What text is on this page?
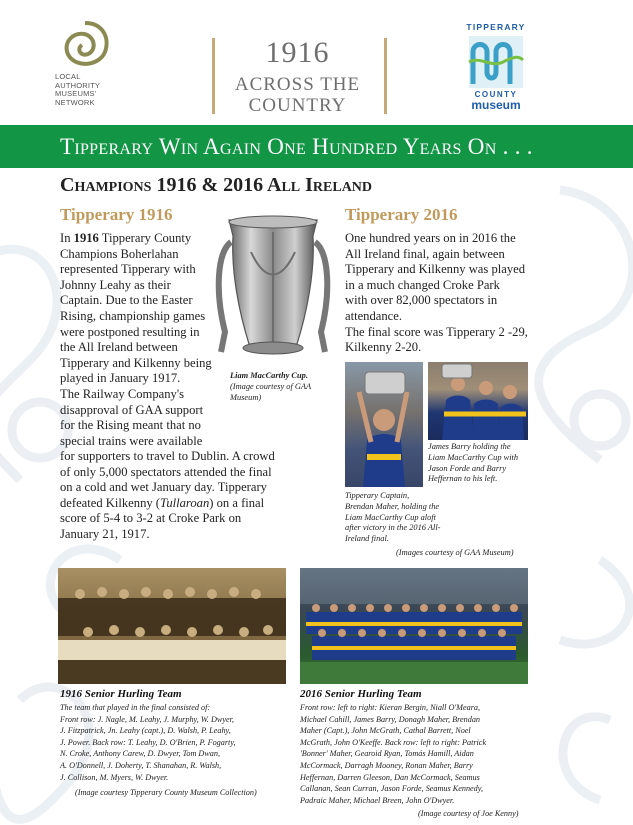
LOCAL
AUTHORITY
MUSEUMS'
NETWORK
1916
ACROSS THE
COUNTRY
TIPPERARY
COUNTY
museum
Tipperary Win Again One Hundred Years On . . .
Champions 1916 & 2016 All Ireland
Tipperary 1916
In 1916 Tipperary County
Champions Boherlahan
represented Tipperary with
Johnny Leahy as their
Captain. Due to the Easter
Rising, championship games
were postponed resulting in
the All Ireland between
Tipperary and Kilkenny being
played in January 1917.
The Railway Company's
disapproval of GAA support
for the Rising meant that no
special trains were available
for supporters to travel to Dublin. A crowd
of only 5,000 spectators attended the final
on a cold and wet January day. Tipperary
defeated Kilkenny (Tullaroan) on a final
score of 5-4 to 3-2 at Croke Park on
January 21, 1917.
Liam MacCarthy Cup.
(Image courtesy of GAA
Museum)
Tipperary 2016
One hundred years on in 2016 the
All Ireland final, again between
Tipperary and Kilkenny was played
in a much changed Croke Park
with over 82,000 spectators in
attendance.
The final score was Tipperary 2 -29,
Kilkenny 2-20.
James Barry holding the
Liam MacCarthy Cup with
Jason Forde and Barry
Heffernan to his left.
Tipperary Captain,
Brendan Maher, holding the
Liam MacCarthy Cup aloft
after victory in the 2016 All-
Ireland final.
(Images courtesy of GAA Museum)
1916 Senior Hurling Team
The team that played in the final consisted of:
Front row: J. Nagle, M. Leahy, J. Murphy, W. Dwyer,
J. Fitzpatrick, Jn. Leahy (capt.), D. Walsh, P. Leahy,
J. Power. Back row: T. Leahy, D. O'Brien, P. Fogarty,
N. Croke, Anthony Carew, D. Dwyer, Tom Dwan,
A. O'Donnell, J. Doherty, T. Shanahan, R. Walsh,
J. Collison, M. Myers, W. Dwyer.
(Image courtesy Tipperary County Museum Collection)
2016 Senior Hurling Team
Front row: left to right: Kieran Bergin, Niall O'Meara,
Michael Cahill, James Barry, Donagh Maher, Brendan
Maher (Capt.), John McGrath, Cathal Barrett, Noel
McGrath, John O'Keeffe. Back row: left to right: Patrick
'Bonner' Maher, Gearoid Ryan, Tomás Hamill, Aidan
McCormack, Darragh Mooney, Ronan Maher, Barry
Heffernan, Darren Gleeson, Dan McCormack, Seamus
Callanan, Sean Curran, Jason Forde, Seamus Kennedy,
Padraic Maher, Michael Breen, John O'Dwyer.
(Image courtesy of Joe Kenny)
